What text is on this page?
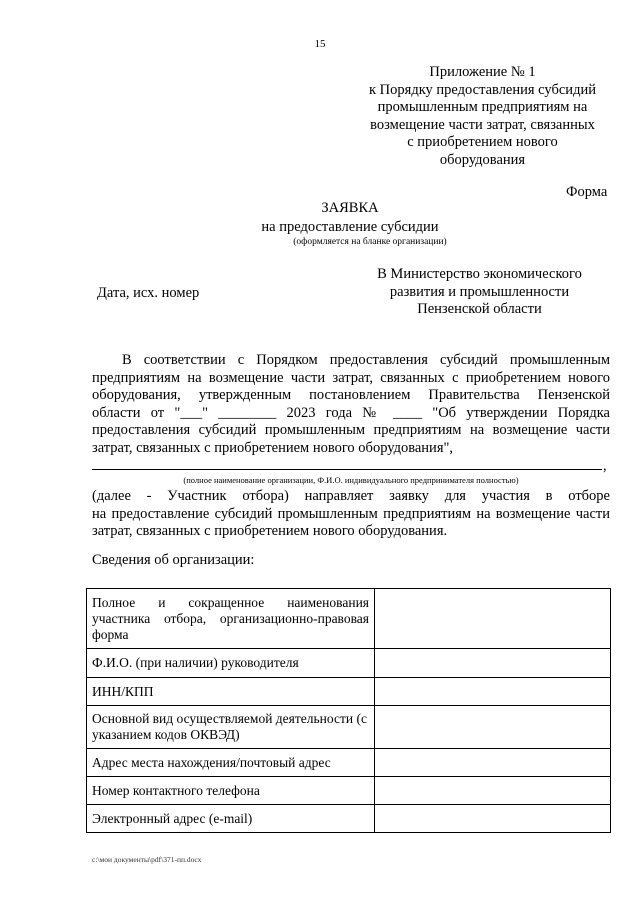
15
Приложение № 1
к Порядку предоставления субсидий
промышленным предприятиям на
возмещение части затрат, связанных
с приобретением нового
оборудования
Форма
ЗАЯВКА
на предоставление субсидии
(оформляется на бланке организации)
Дата, исх. номер
В Министерство экономического
развития и промышленности
Пензенской области
В соответствии с Порядком предоставления субсидий промышленным
предприятиям на возмещение части затрат, связанных с приобретением нового
оборудования, утвержденным постановлением Правительства Пензенской
области от "___" ________ 2023 года № ____ "Об утверждении Порядка
предоставления субсидий промышленным предприятиям на возмещение части
затрат, связанных с приобретением нового оборудования",
,
(полное наименование организации, Ф.И.О. индивидуального предпринимателя полностью)
(далее - Участник отбора) направляет заявку для участия в отборе
на предоставление субсидий промышленным предприятиям на возмещение части
затрат, связанных с приобретением нового оборудования.
Сведения об организации:
Полное и сокращенное наименования участника отбора, организационно-правовая форма	
Ф.И.О. (при наличии) руководителя	
ИНН/КПП	
Основной вид осуществляемой деятельности (с указанием кодов ОКВЭД)	
Адрес места нахождения/почтовый адрес	
Номер контактного телефона	
Электронный адрес (e-mail)	
c:\мои документы\pdf\371-пп.docx
